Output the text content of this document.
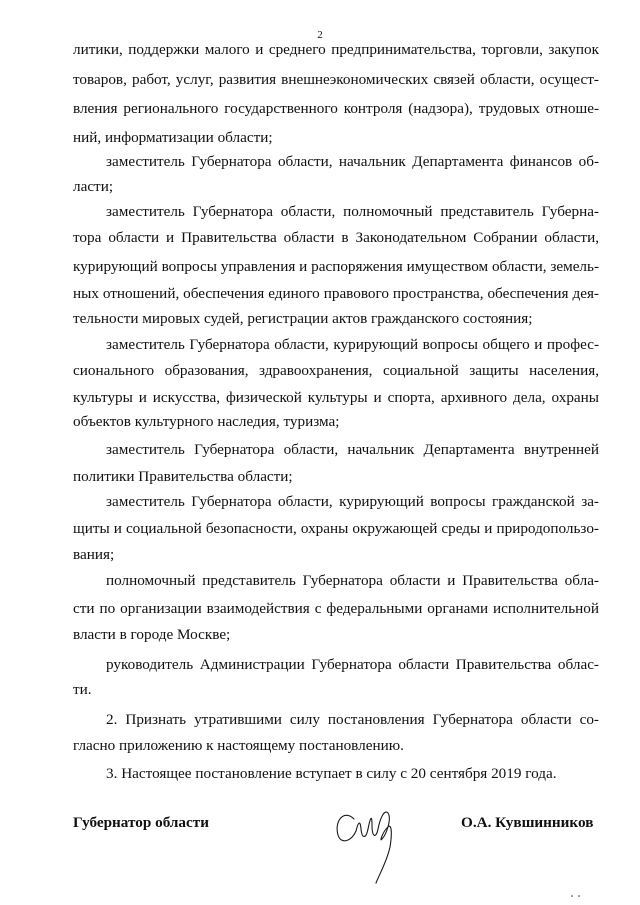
2
литики, поддержки малого и среднего предпринимательства, торговли, закупок
товаров, работ, услуг, развития внешнеэкономических связей области, осущест-
вления регионального государственного контроля (надзора), трудовых отноше-
ний, информатизации области;
заместитель Губернатора области, начальник Департамента финансов об-
ласти;
заместитель Губернатора области, полномочный представитель Губерна-
тора области и Правительства области в Законодательном Собрании области,
курирующий вопросы управления и распоряжения имуществом области, земель-
ных отношений, обеспечения единого правового пространства, обеспечения дея-
тельности мировых судей, регистрации актов гражданского состояния;
заместитель Губернатора области, курирующий вопросы общего и профес-
сионального образования, здравоохранения, социальной защиты населения,
культуры и искусства, физической культуры и спорта, архивного дела, охраны
объектов культурного наследия, туризма;
заместитель Губернатора области, начальник Департамента внутренней
политики Правительства области;
заместитель Губернатора области, курирующий вопросы гражданской за-
щиты и социальной безопасности, охраны окружающей среды и природопользо-
вания;
полномочный представитель Губернатора области и Правительства обла-
сти по организации взаимодействия с федеральными органами исполнительной
власти в городе Москве;
руководитель Администрации Губернатора области Правительства облас-
ти.
2. Признать утратившими силу постановления Губернатора области со-
гласно приложению к настоящему постановлению.
3. Настоящее постановление вступает в силу с 20 сентября 2019 года.
Губернатор области	О.А. Кувшинников
